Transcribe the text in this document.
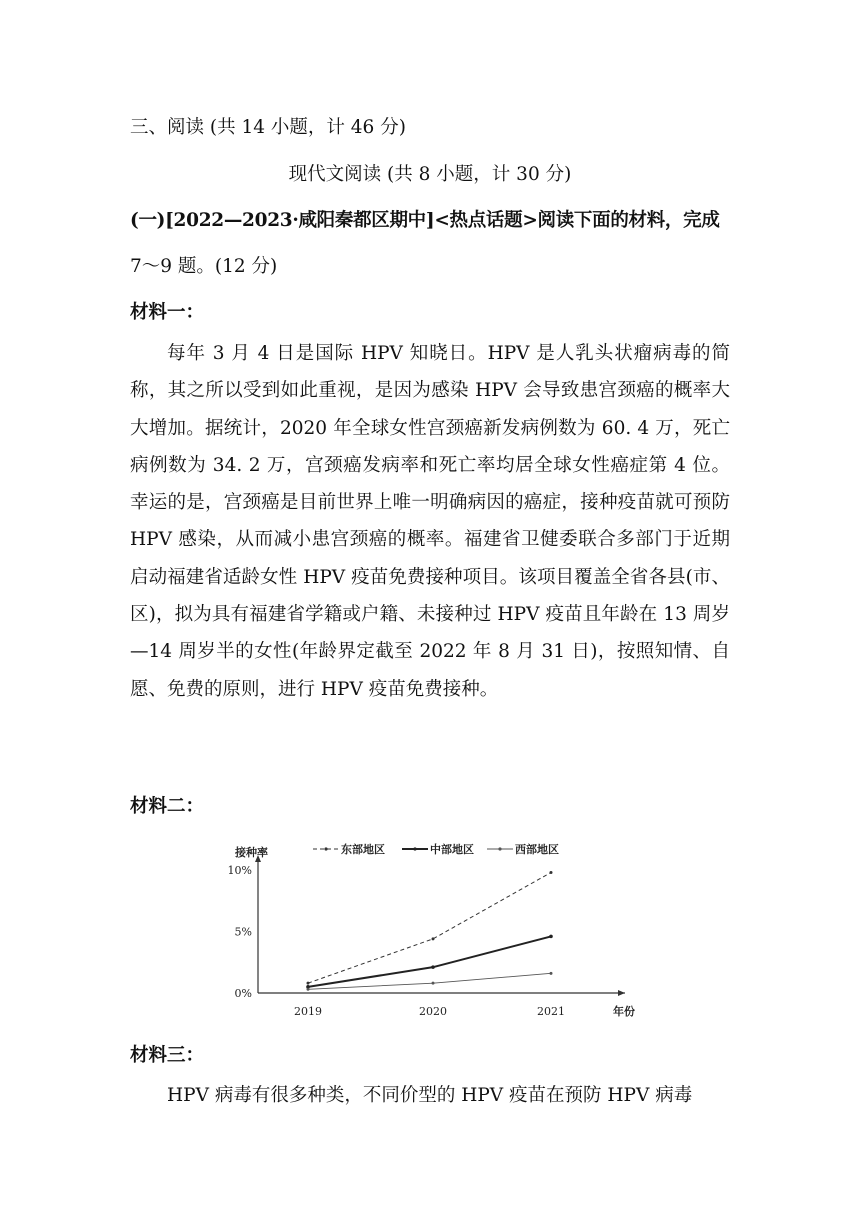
三、阅读 (共 14 小题，计 46 分)
现代文阅读 (共 8 小题，计 30 分)
(一)[2022—2023·咸阳秦都区期中]<热点话题>阅读下面的材料，完成
7～9 题。(12 分)
材料一：

每年 3 月 4 日是国际 HPV 知晓日。HPV 是人乳头状瘤病毒的简称，其之所以受到如此重视，是因为感染 HPV 会导致患宫颈癌的概率大大增加。据统计，2020 年全球女性宫颈癌新发病例数为 60. 4 万，死亡病例数为 34. 2 万，宫颈癌发病率和死亡率均居全球女性癌症第 4 位。幸运的是，宫颈癌是目前世界上唯一明确病因的癌症，接种疫苗就可预防 HPV 感染，从而减小患宫颈癌的概率。福建省卫健委联合多部门于近期启动福建省适龄女性 HPV 疫苗免费接种项目。该项目覆盖全省各县(市、区)，拟为具有福建省学籍或户籍、未接种过 HPV 疫苗且年龄在 13 周岁—14 周岁半的女性(年龄界定截至 2022 年 8 月 31 日)，按照知情、自愿、免费的原则，进行 HPV 疫苗免费接种。

材料二：
接种率
年份
0%
5%
10%
2019	2020	2021
东部地区	中部地区	西部地区
材料三：

HPV 病毒有很多种类，不同价型的 HPV 疫苗在预防 HPV 病毒
